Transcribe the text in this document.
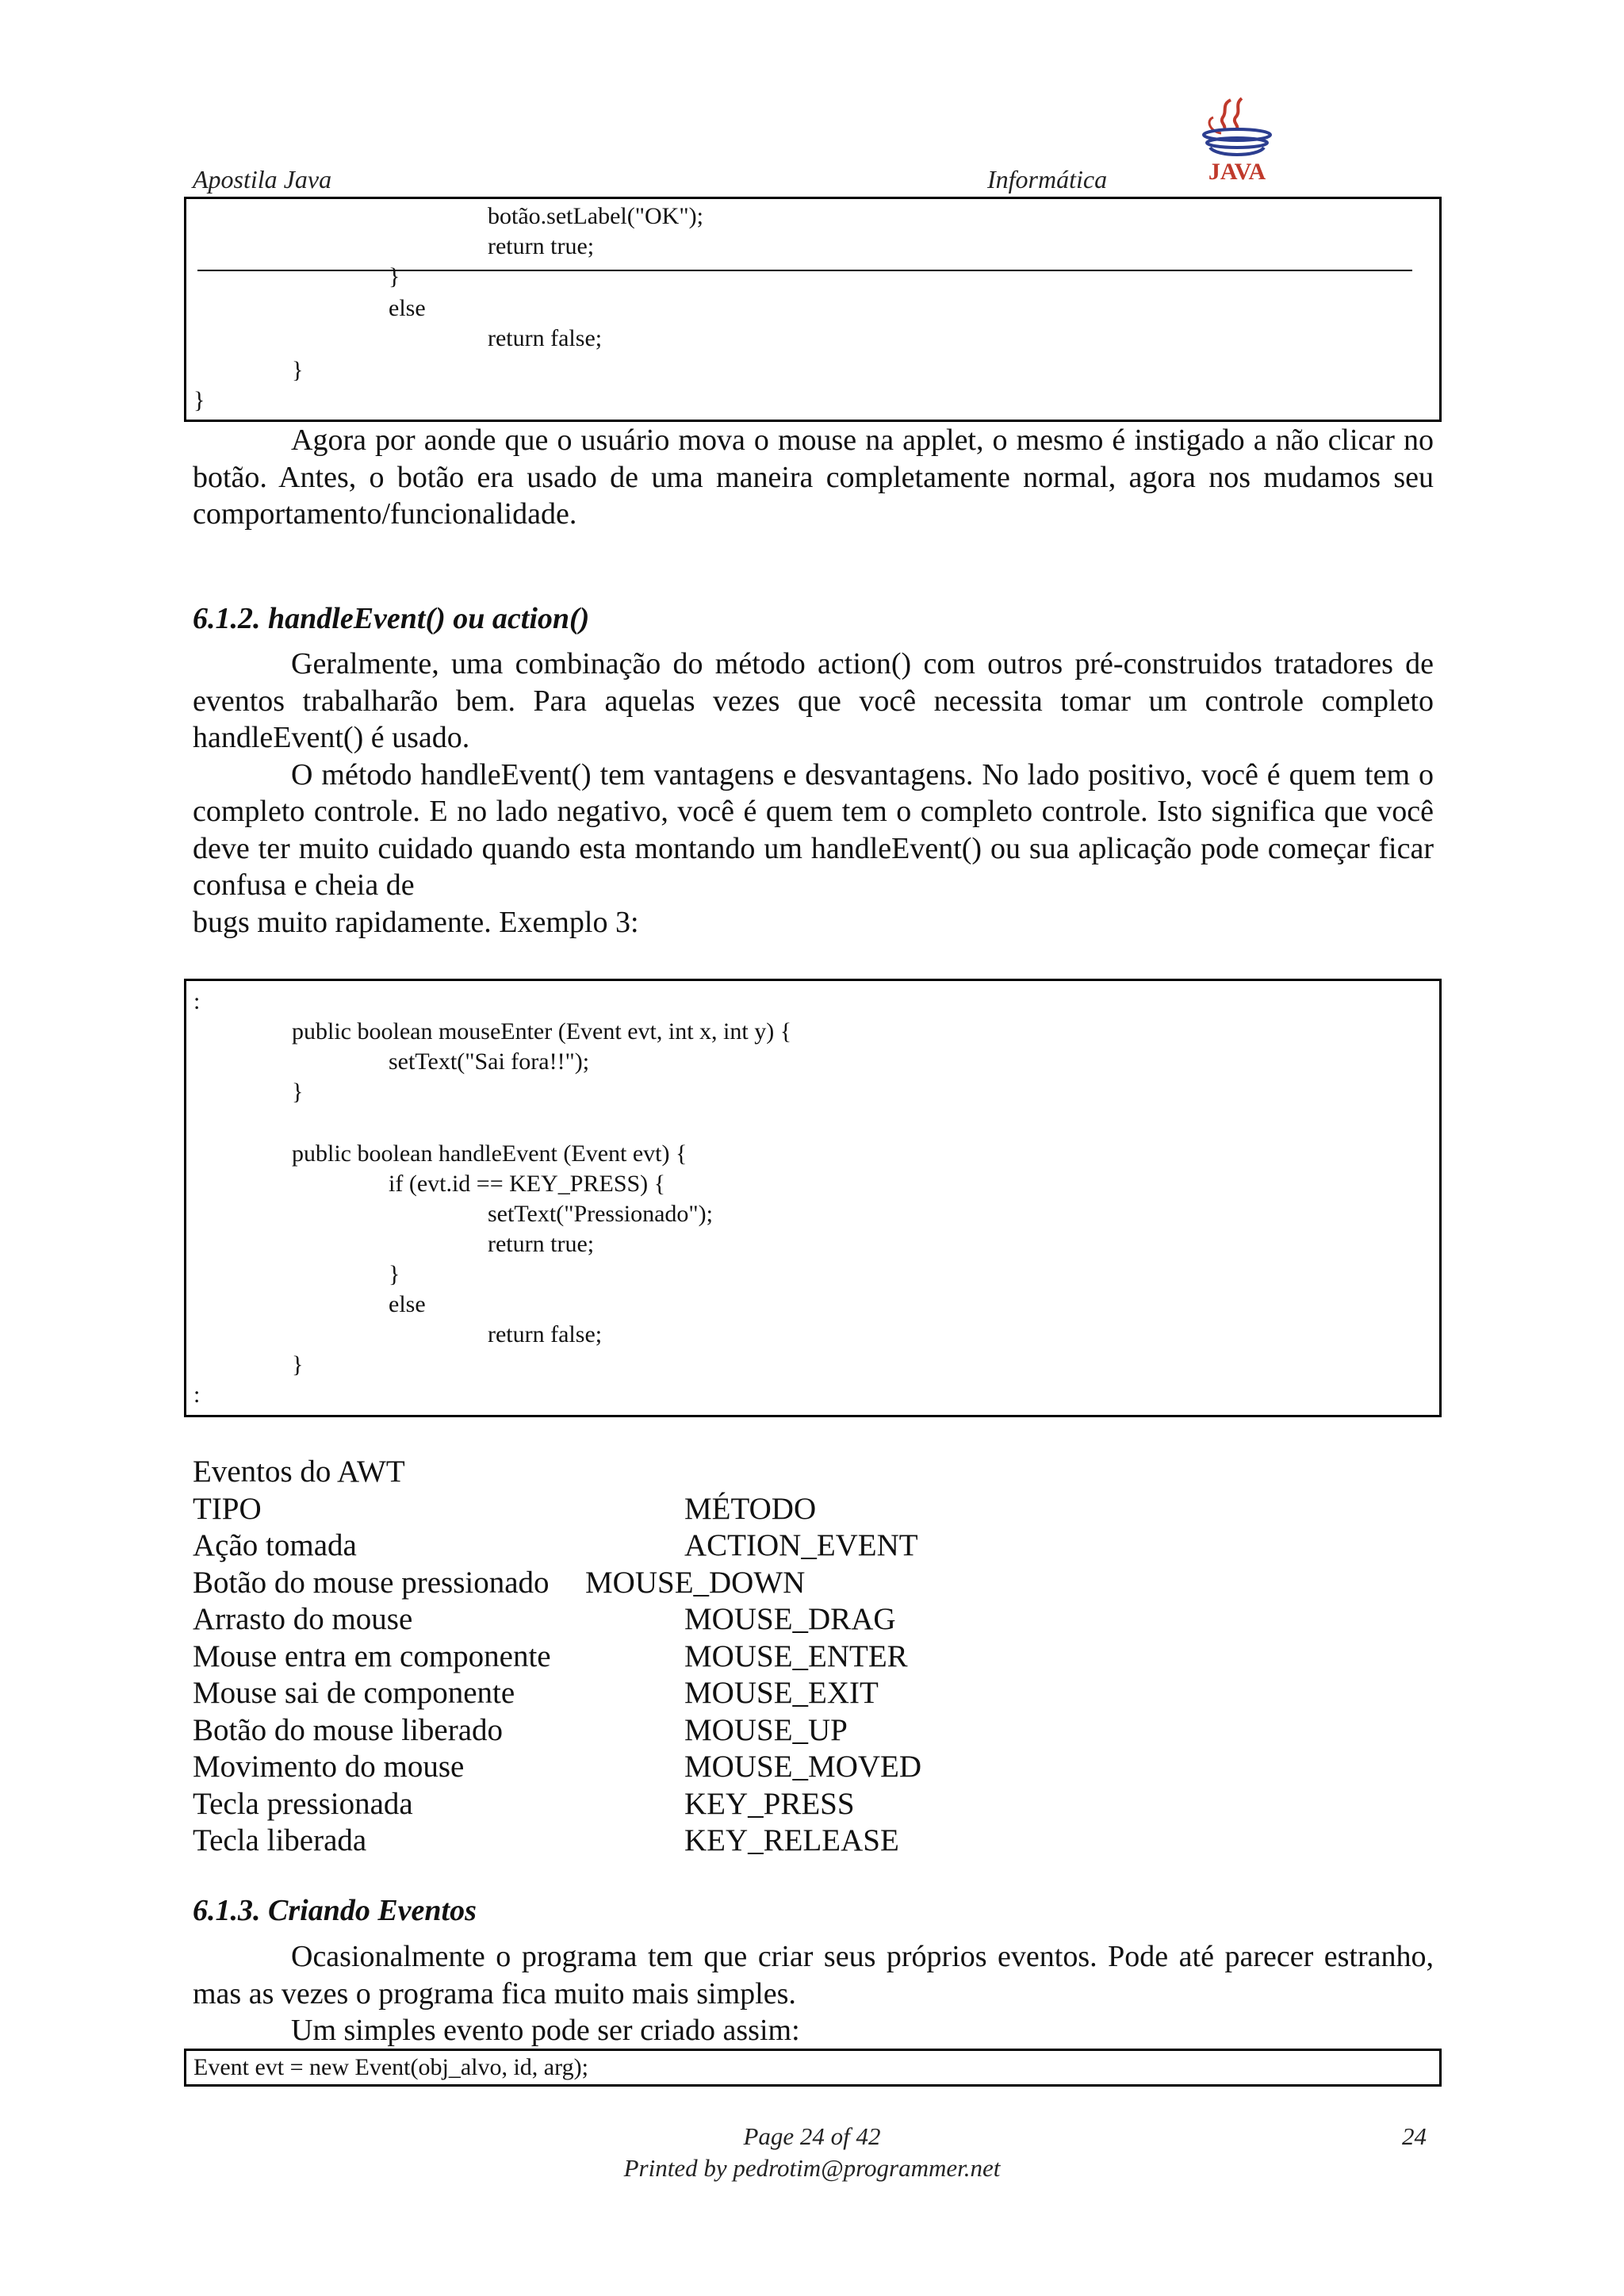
Apostila Java	Informática	JAVA
botão.setLabel("OK");
return true;
}
else
return false;
}
}

Agora por aonde que o usuário mova o mouse na applet, o mesmo é instigado a não clicar no botão. Antes, o botão era usado de uma maneira completamente normal, agora nos mudamos seu comportamento/funcionalidade.

6.1.2. handleEvent() ou action()

Geralmente, uma combinação do método action() com outros pré-construidos tratadores de eventos trabalharão bem. Para aquelas vezes que você necessita tomar um controle completo handleEvent() é usado.

O método handleEvent() tem vantagens e desvantagens. No lado positivo, você é quem tem o completo controle. E no lado negativo, você é quem tem o completo controle. Isto significa que você deve ter muito cuidado quando esta montando um handleEvent() ou sua aplicação pode começar ficar confusa e cheia de

bugs muito rapidamente. Exemplo 3:

:
public boolean mouseEnter (Event evt, int x, int y) {
setText("Sai fora!!");
}
public boolean handleEvent (Event evt) {
if (evt.id == KEY_PRESS) {
setText("Pressionado");
return true;
}
else
return false;
}
:
Eventos do AWT
TIPO	MÉTODO
Ação tomada	ACTION_EVENT
Botão do mouse pressionado MOUSE_DOWN
Arrasto do mouse	MOUSE_DRAG
Mouse entra em componente	MOUSE_ENTER
Mouse sai de componente	MOUSE_EXIT
Botão do mouse liberado	MOUSE_UP
Movimento do mouse	MOUSE_MOVED
Tecla pressionada	KEY_PRESS
Tecla liberada	KEY_RELEASE
6.1.3. Criando Eventos

Ocasionalmente o programa tem que criar seus próprios eventos. Pode até parecer estranho, mas as vezes o programa fica muito mais simples.

Um simples evento pode ser criado assim:

Event evt = new Event(obj_alvo, id, arg);
Page 24 of 42
Printed by pedrotim@programmer.net
24
